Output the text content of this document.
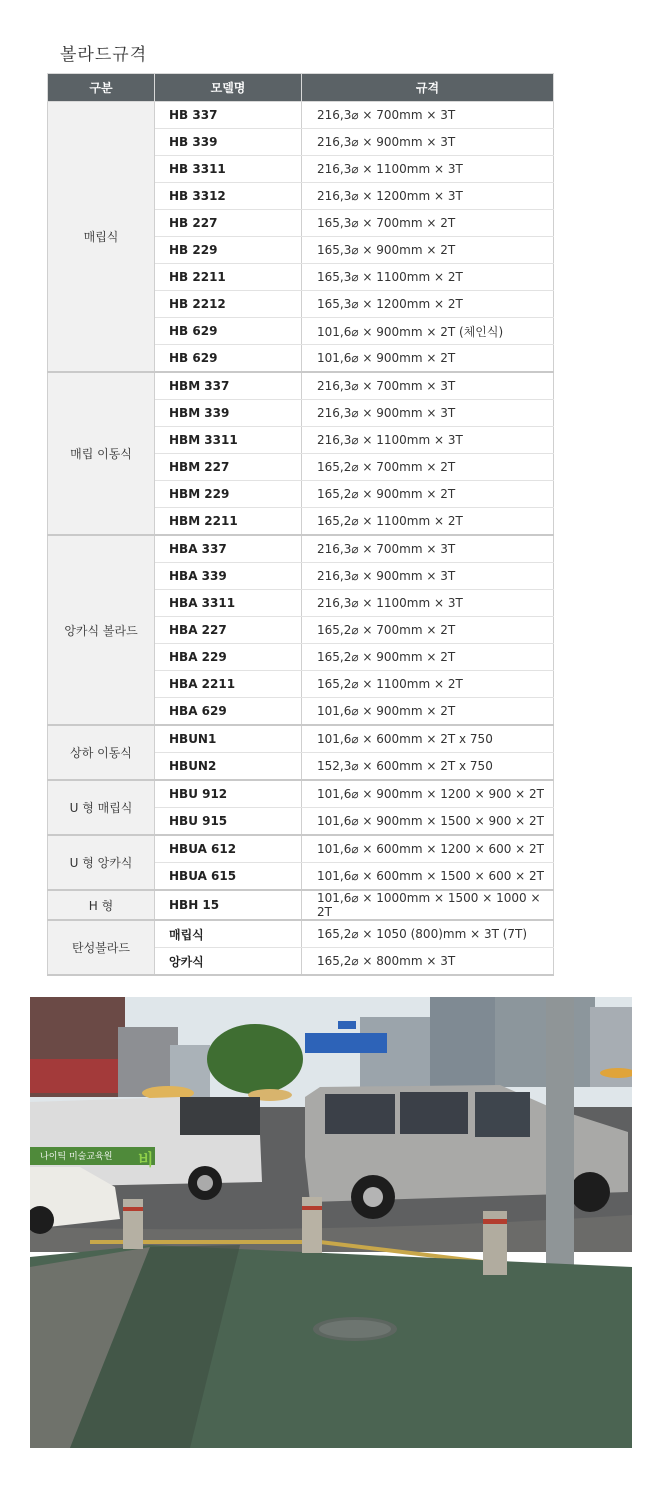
볼라드규격
구분	모델명	규격
매립식	HB 337	216,3⌀ × 700mm × 3T
	HB 339	216,3⌀ × 900mm × 3T
	HB 3311	216,3⌀ × 1100mm × 3T
	HB 3312	216,3⌀ × 1200mm × 3T
	HB 227	165,3⌀ × 700mm × 2T
	HB 229	165,3⌀ × 900mm × 2T
	HB 2211	165,3⌀ × 1100mm × 2T
	HB 2212	165,3⌀ × 1200mm × 2T
	HB 629	101,6⌀ × 900mm × 2T (체인식)
	HB 629	101,6⌀ × 900mm × 2T
매립 이동식	HBM 337	216,3⌀ × 700mm × 3T
	HBM 339	216,3⌀ × 900mm × 3T
	HBM 3311	216,3⌀ × 1100mm × 3T
	HBM 227	165,2⌀ × 700mm × 2T
	HBM 229	165,2⌀ × 900mm × 2T
	HBM 2211	165,2⌀ × 1100mm × 2T
앙카식 볼라드	HBA 337	216,3⌀ × 700mm × 3T
	HBA 339	216,3⌀ × 900mm × 3T
	HBA 3311	216,3⌀ × 1100mm × 3T
	HBA 227	165,2⌀ × 700mm × 2T
	HBA 229	165,2⌀ × 900mm × 2T
	HBA 2211	165,2⌀ × 1100mm × 2T
	HBA 629	101,6⌀ × 900mm × 2T
상하 이동식	HBUN1	101,6⌀ × 600mm × 2T x 750
	HBUN2	152,3⌀ × 600mm × 2T x 750
U 형 매립식	HBU 912	101,6⌀ × 900mm × 1200 × 900 × 2T
	HBU 915	101,6⌀ × 900mm × 1500 × 900 × 2T
U 형 앙카식	HBUA 612	101,6⌀ × 600mm × 1200 × 600 × 2T
	HBUA 615	101,6⌀ × 600mm × 1500 × 600 × 2T
H 형	HBH 15	101,6⌀ × 1000mm × 1500 × 1000 × 2T
탄성볼라드	매립식	165,2⌀ × 1050 (800)mm × 3T (7T)
	앙카식	165,2⌀ × 800mm × 3T
비
나이틱 미술교육원
